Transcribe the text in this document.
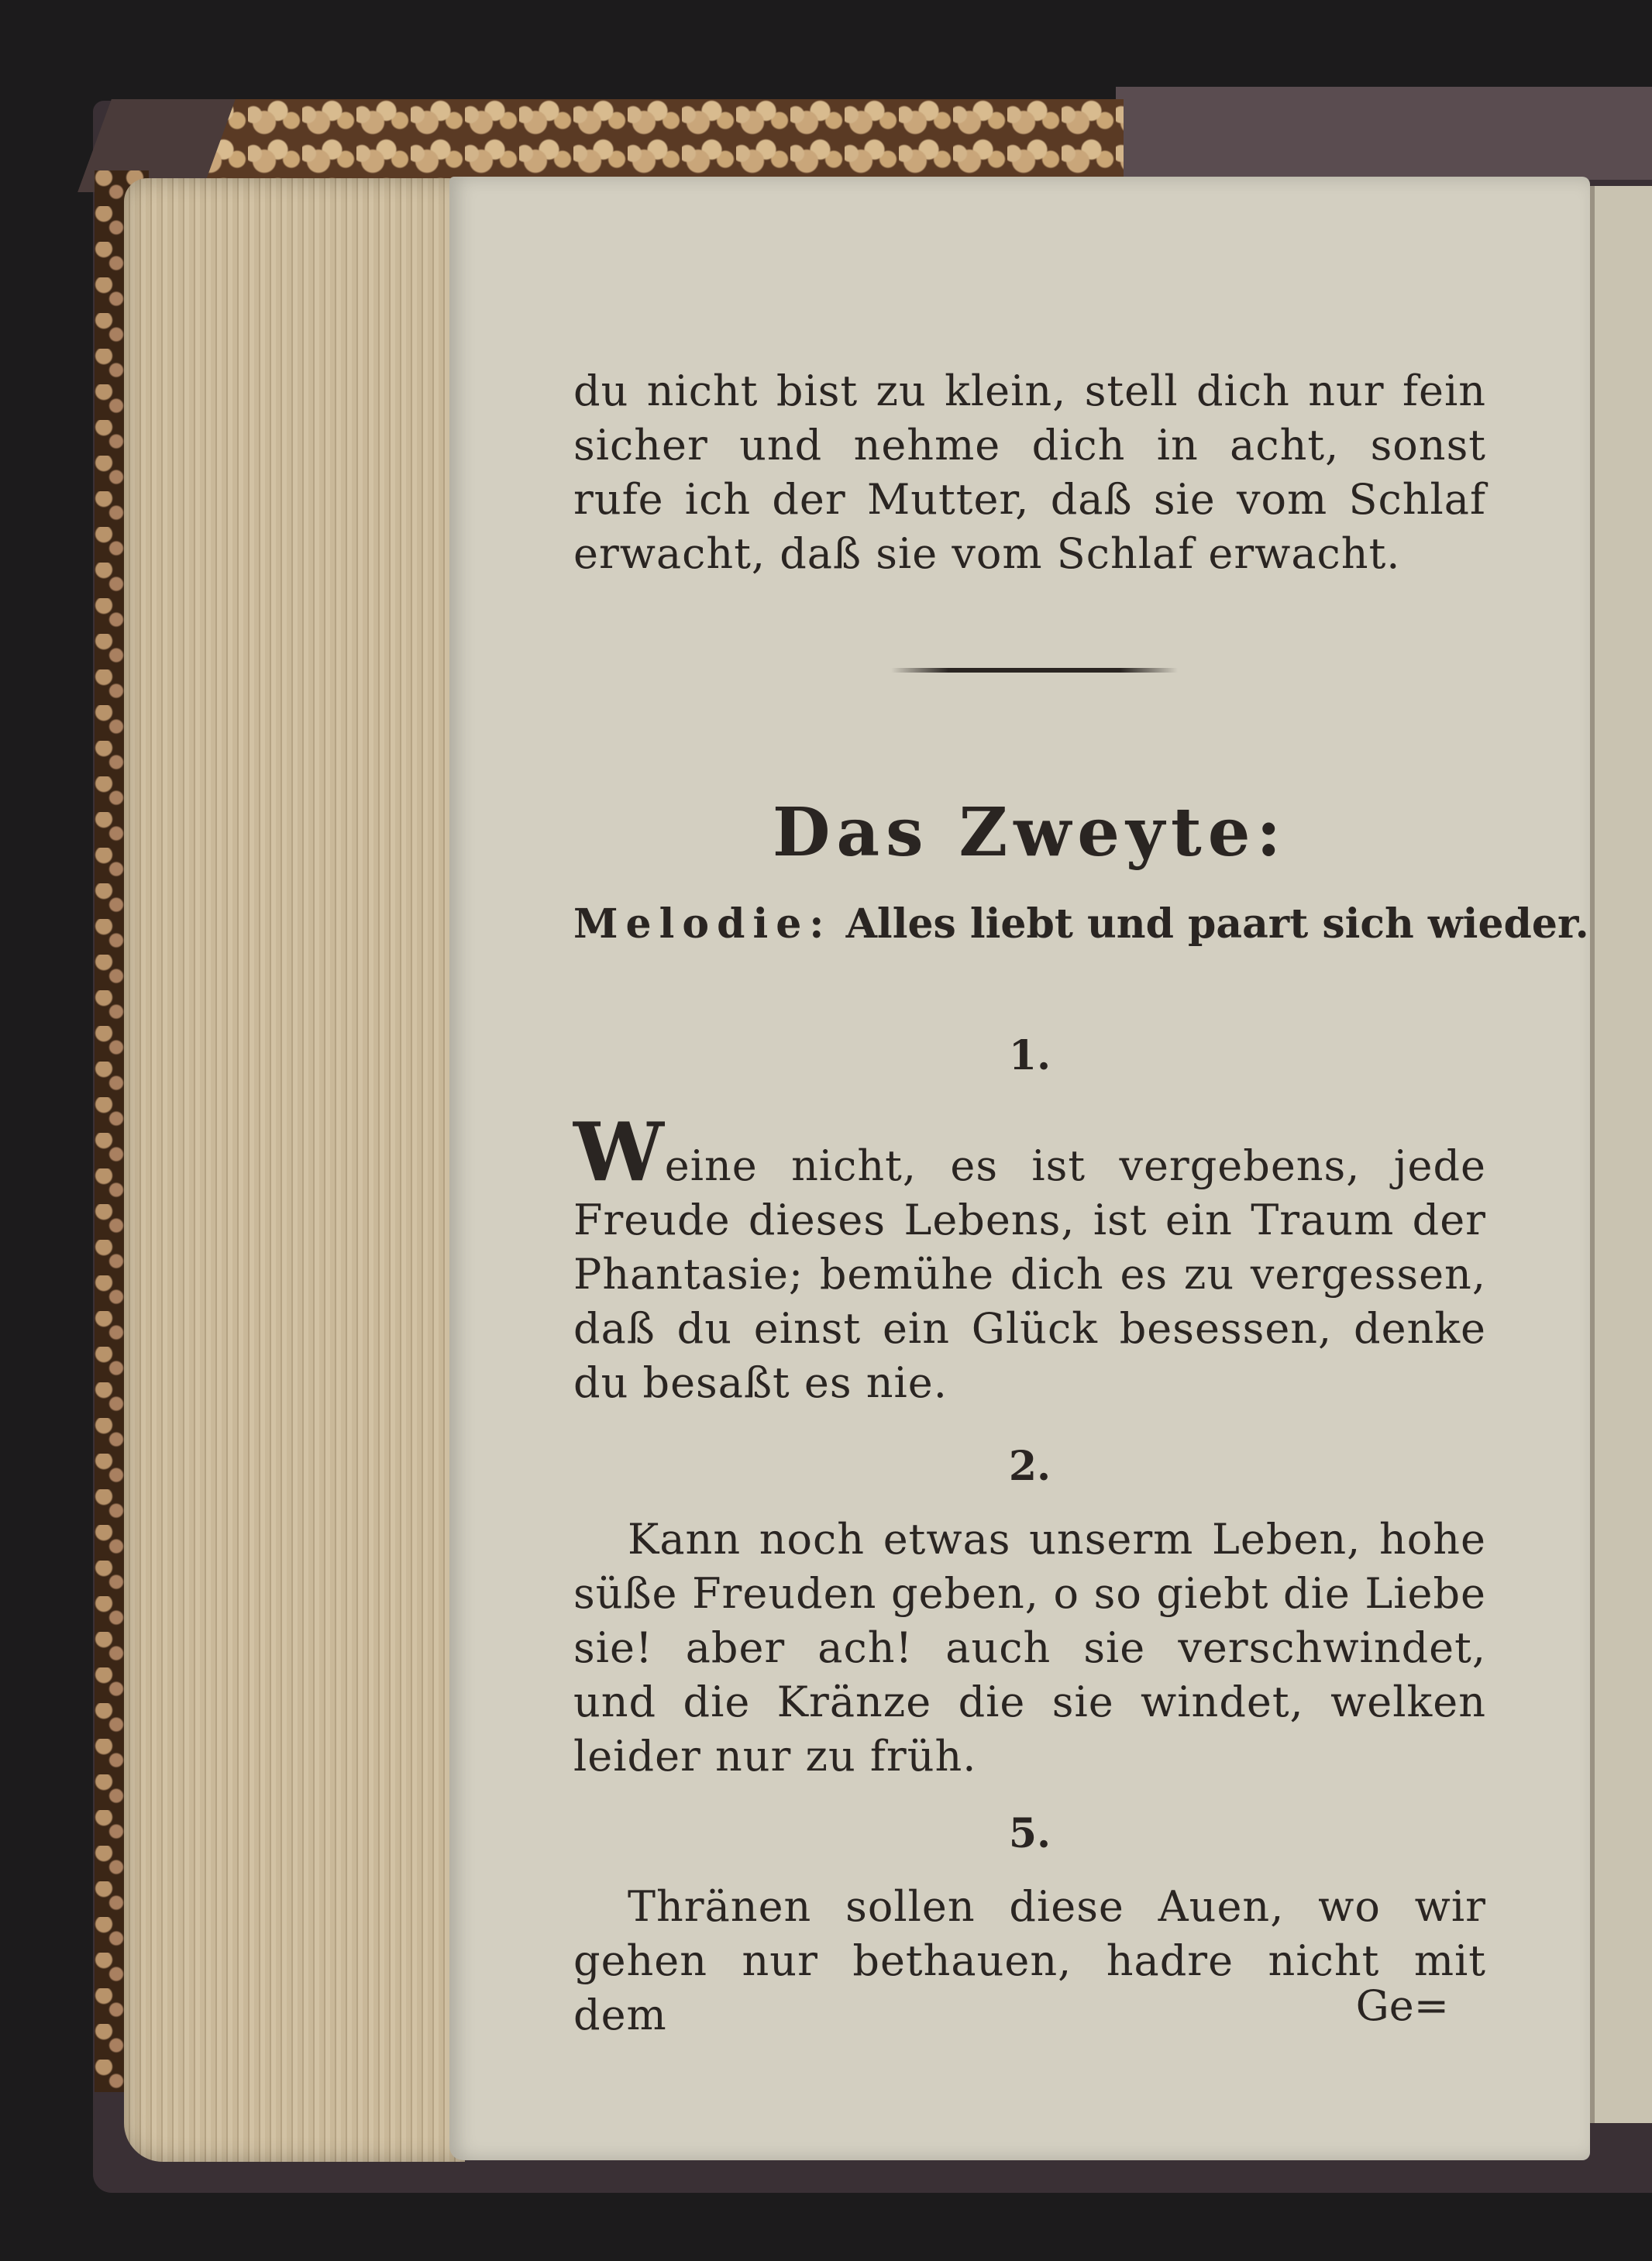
du nicht bist zu klein, stell dich nur fein sicher und nehme dich in acht, sonst rufe ich der Mutter, daß sie vom Schlaf erwacht, daß sie vom Schlaf erwacht.
Das Zweyte:
Melodie: Alles liebt und paart sich wieder.
1.
Weine nicht, es ist vergebens, jede Freude dieses Lebens, ist ein Traum der Phantasie; bemühe dich es zu vergessen, daß du einst ein Glück besessen, denke du besaßt es nie.
2.
Kann noch etwas unserm Leben, hohe süße Freuden geben, o so giebt die Liebe sie! aber ach! auch sie verschwindet, und die Kränze die sie windet, welken leider nur zu früh.
5.
Thränen sollen diese Auen, wo wir gehen nur bethauen, hadre nicht mit dem	Ge=
